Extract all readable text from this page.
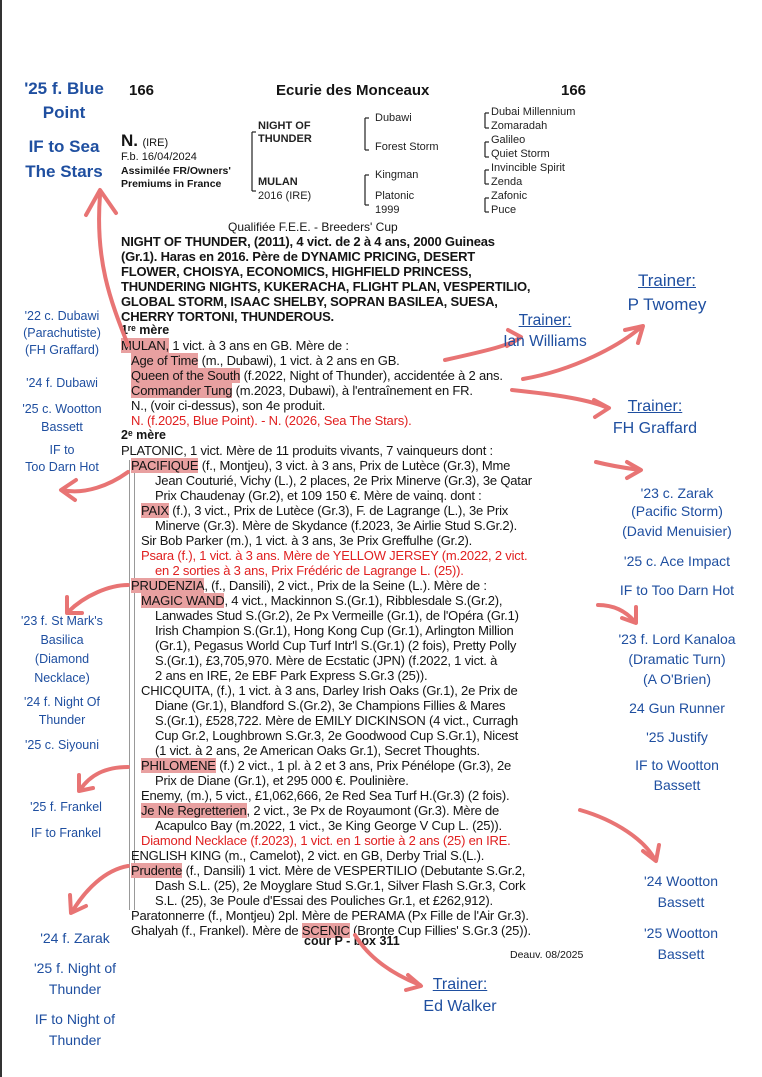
166	Ecurie des Monceaux	166
N. (IRE)
F.b. 16/04/2024
Assimilée FR/Owners'
Premiums in France
NIGHT OF
THUNDER
MULAN
2016 (IRE)
Dubawi
Forest Storm
Kingman
Platonic
1999
Dubai Millennium
Zomaradah
Galileo
Quiet Storm
Invincible Spirit
Zenda
Zafonic
Puce
Qualifiée F.E.E. - Breeders' Cup
NIGHT OF THUNDER, (2011), 4 vict. de 2 à 4 ans, 2000 Guineas
(Gr.1). Haras en 2016. Père de DYNAMIC PRICING, DESERT
FLOWER, CHOISYA, ECONOMICS, HIGHFIELD PRINCESS,
THUNDERING NIGHTS, KUKERACHA, FLIGHT PLAN, VESPERTILIO,
GLOBAL STORM, ISAAC SHELBY, SOPRAN BASILEA, SUESA,
CHERRY TORTONI, THUNDEROUS.
1ʳᵉ mère
MULAN, 1 vict. à 3 ans en GB. Mère de :
Age of Time (m., Dubawi), 1 vict. à 2 ans en GB.
Queen of the South (f.2022, Night of Thunder), accidentée à 2 ans.
Commander Tung (m.2023, Dubawi), à l'entraînement en FR.
N., (voir ci-dessus), son 4e produit.
N. (f.2025, Blue Point). - N. (2026, Sea The Stars).
2ᵉ mère
PLATONIC, 1 vict. Mère de 11 produits vivants, 7 vainqueurs dont :
PACIFIQUE (f., Montjeu), 3 vict. à 3 ans, Prix de Lutèce (Gr.3), Mme
Jean Couturié, Vichy (L.), 2 places, 2e Prix Minerve (Gr.3), 3e Qatar
Prix Chaudenay (Gr.2), et 109 150 €. Mère de vainq. dont :
PAIX (f.), 3 vict., Prix de Lutèce (Gr.3), F. de Lagrange (L.), 3e Prix
Minerve (Gr.3). Mère de Skydance (f.2023, 3e Airlie Stud S.Gr.2).
Sir Bob Parker (m.), 1 vict. à 3 ans, 3e Prix Greffulhe (Gr.2).
Psara (f.), 1 vict. à 3 ans. Mère de YELLOW JERSEY (m.2022, 2 vict.
en 2 sorties à 3 ans, Prix Frédéric de Lagrange L. (25)).
PRUDENZIA, (f., Dansili), 2 vict., Prix de la Seine (L.). Mère de :
MAGIC WAND, 4 vict., Mackinnon S.(Gr.1), Ribblesdale S.(Gr.2),
Lanwades Stud S.(Gr.2), 2e Px Vermeille (Gr.1), de l'Opéra (Gr.1)
Irish Champion S.(Gr.1), Hong Kong Cup (Gr.1), Arlington Million
(Gr.1), Pegasus World Cup Turf Intr'l S.(Gr.1) (2 fois), Pretty Polly
S.(Gr.1), £3,705,970. Mère de Ecstatic (JPN) (f.2022, 1 vict. à
2 ans en IRE, 2e EBF Park Express S.Gr.3 (25)).
CHICQUITA, (f.), 1 vict. à 3 ans, Darley Irish Oaks (Gr.1), 2e Prix de
Diane (Gr.1), Blandford S.(Gr.2), 3e Champions Fillies & Mares
S.(Gr.1), £528,722. Mère de EMILY DICKINSON (4 vict., Curragh
Cup Gr.2, Loughbrown S.Gr.3, 2e Goodwood Cup S.Gr.1), Nicest
(1 vict. à 2 ans, 2e American Oaks Gr.1), Secret Thoughts.
PHILOMENE (f.) 2 vict., 1 pl. à 2 et 3 ans, Prix Pénélope (Gr.3), 2e
Prix de Diane (Gr.1), et 295 000 €. Poulinière.
Enemy, (m.), 5 vict., £1,062,666, 2e Red Sea Turf H.(Gr.3) (2 fois).
Je Ne Regretterien, 2 vict., 3e Px de Royaumont (Gr.3). Mère de
Acapulco Bay (m.2022, 1 vict., 3e King George V Cup L. (25)).
Diamond Necklace (f.2023), 1 vict. en 1 sortie à 2 ans (25) en IRE.
ENGLISH KING (m., Camelot), 2 vict. en GB, Derby Trial S.(L.).
Prudente (f., Dansili) 1 vict. Mère de VESPERTILIO (Debutante S.Gr.2,
Dash S.L. (25), 2e Moyglare Stud S.Gr.1, Silver Flash S.Gr.3, Cork
S.L. (25), 3e Poule d'Essai des Pouliches Gr.1, et £262,912).
Paratonnerre (f., Montjeu) 2pl. Mère de PERAMA (Px Fille de l'Air Gr.3).
Ghalyah (f., Frankel). Mère de SCENIC (Bronte Cup Fillies' S.Gr.3 (25)).
cour P - box 311
Deauv. 08/2025
'25 f. Blue
Point
IF to Sea
The Stars
'22 c. Dubawi
(Parachutiste)
(FH Graffard)
'24 f. Dubawi
'25 c. Wootton
Bassett
IF to
Too Darn Hot
'23 f. St Mark's
Basilica
(Diamond
Necklace)
'24 f. Night Of
Thunder
'25 c. Siyouni
'25 f. Frankel
IF to Frankel
'24 f. Zarak
'25 f. Night of
Thunder
IF to Night of
Thunder
Trainer:
Ian Williams
Trainer:
P Twomey
Trainer:
FH Graffard
Trainer:
Ed Walker
'23 c. Zarak
(Pacific Storm)
(David Menuisier)
'25 c. Ace Impact
IF to Too Darn Hot
'23 f. Lord Kanaloa
(Dramatic Turn)
(A O'Brien)
24 Gun Runner
'25 Justify
IF to Wootton
Bassett
'24 Wootton
Bassett
'25 Wootton
Bassett
